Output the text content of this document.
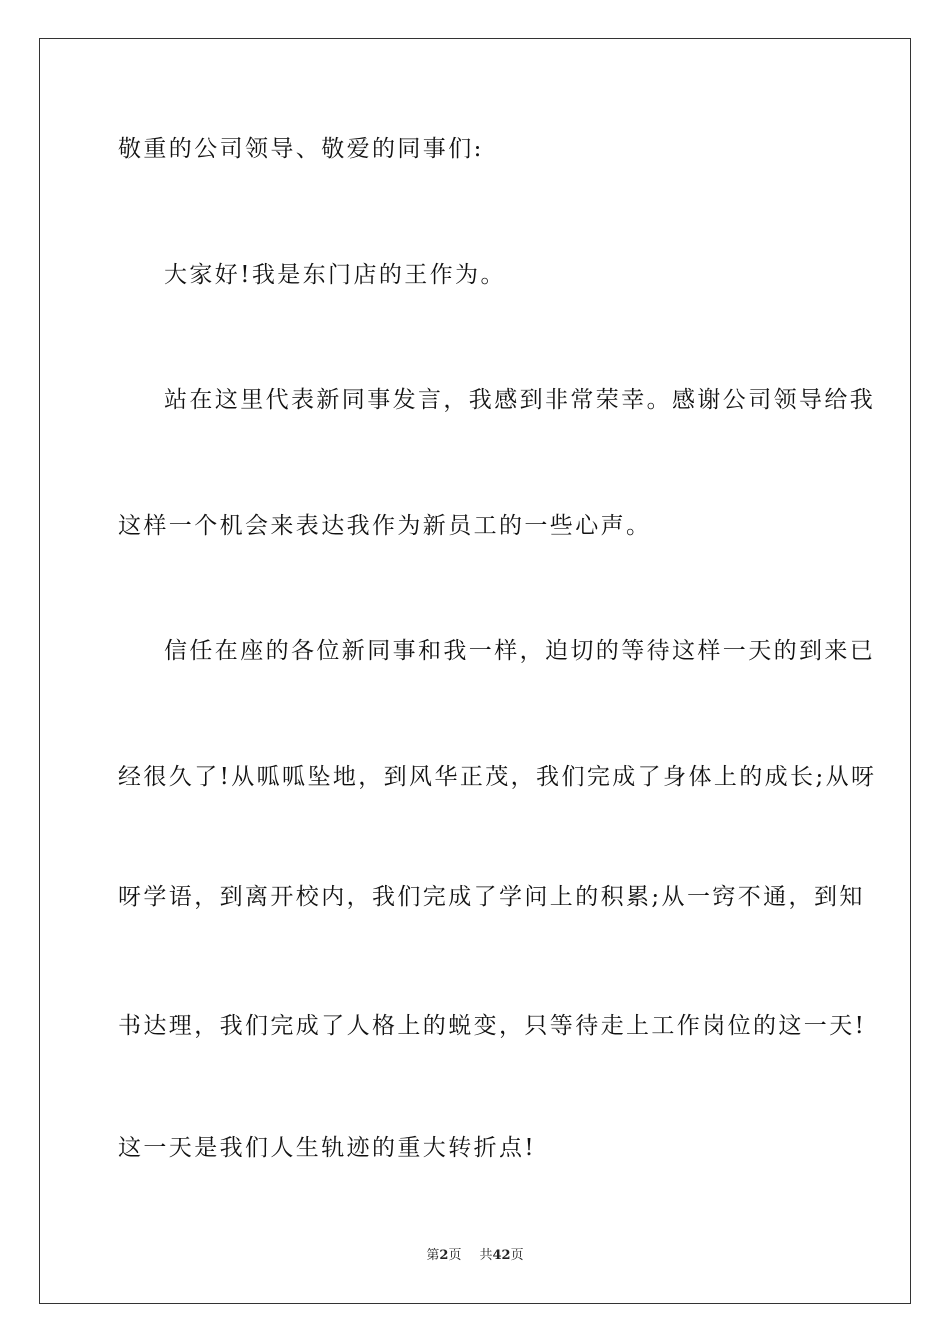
敬重的公司领导、敬爱的同事们:
大家好!我是东门店的王作为。
站在这里代表新同事发言，我感到非常荣幸。感谢公司领导给我
这样一个机会来表达我作为新员工的一些心声。
信任在座的各位新同事和我一样，迫切的等待这样一天的到来已
经很久了!从呱呱坠地，到风华正茂，我们完成了身体上的成长;从呀
呀学语，到离开校内，我们完成了学问上的积累;从一窍不通，到知
书达理，我们完成了人格上的蜕变，只等待走上工作岗位的这一天!
这一天是我们人生轨迹的重大转折点!
第2页 共42页
